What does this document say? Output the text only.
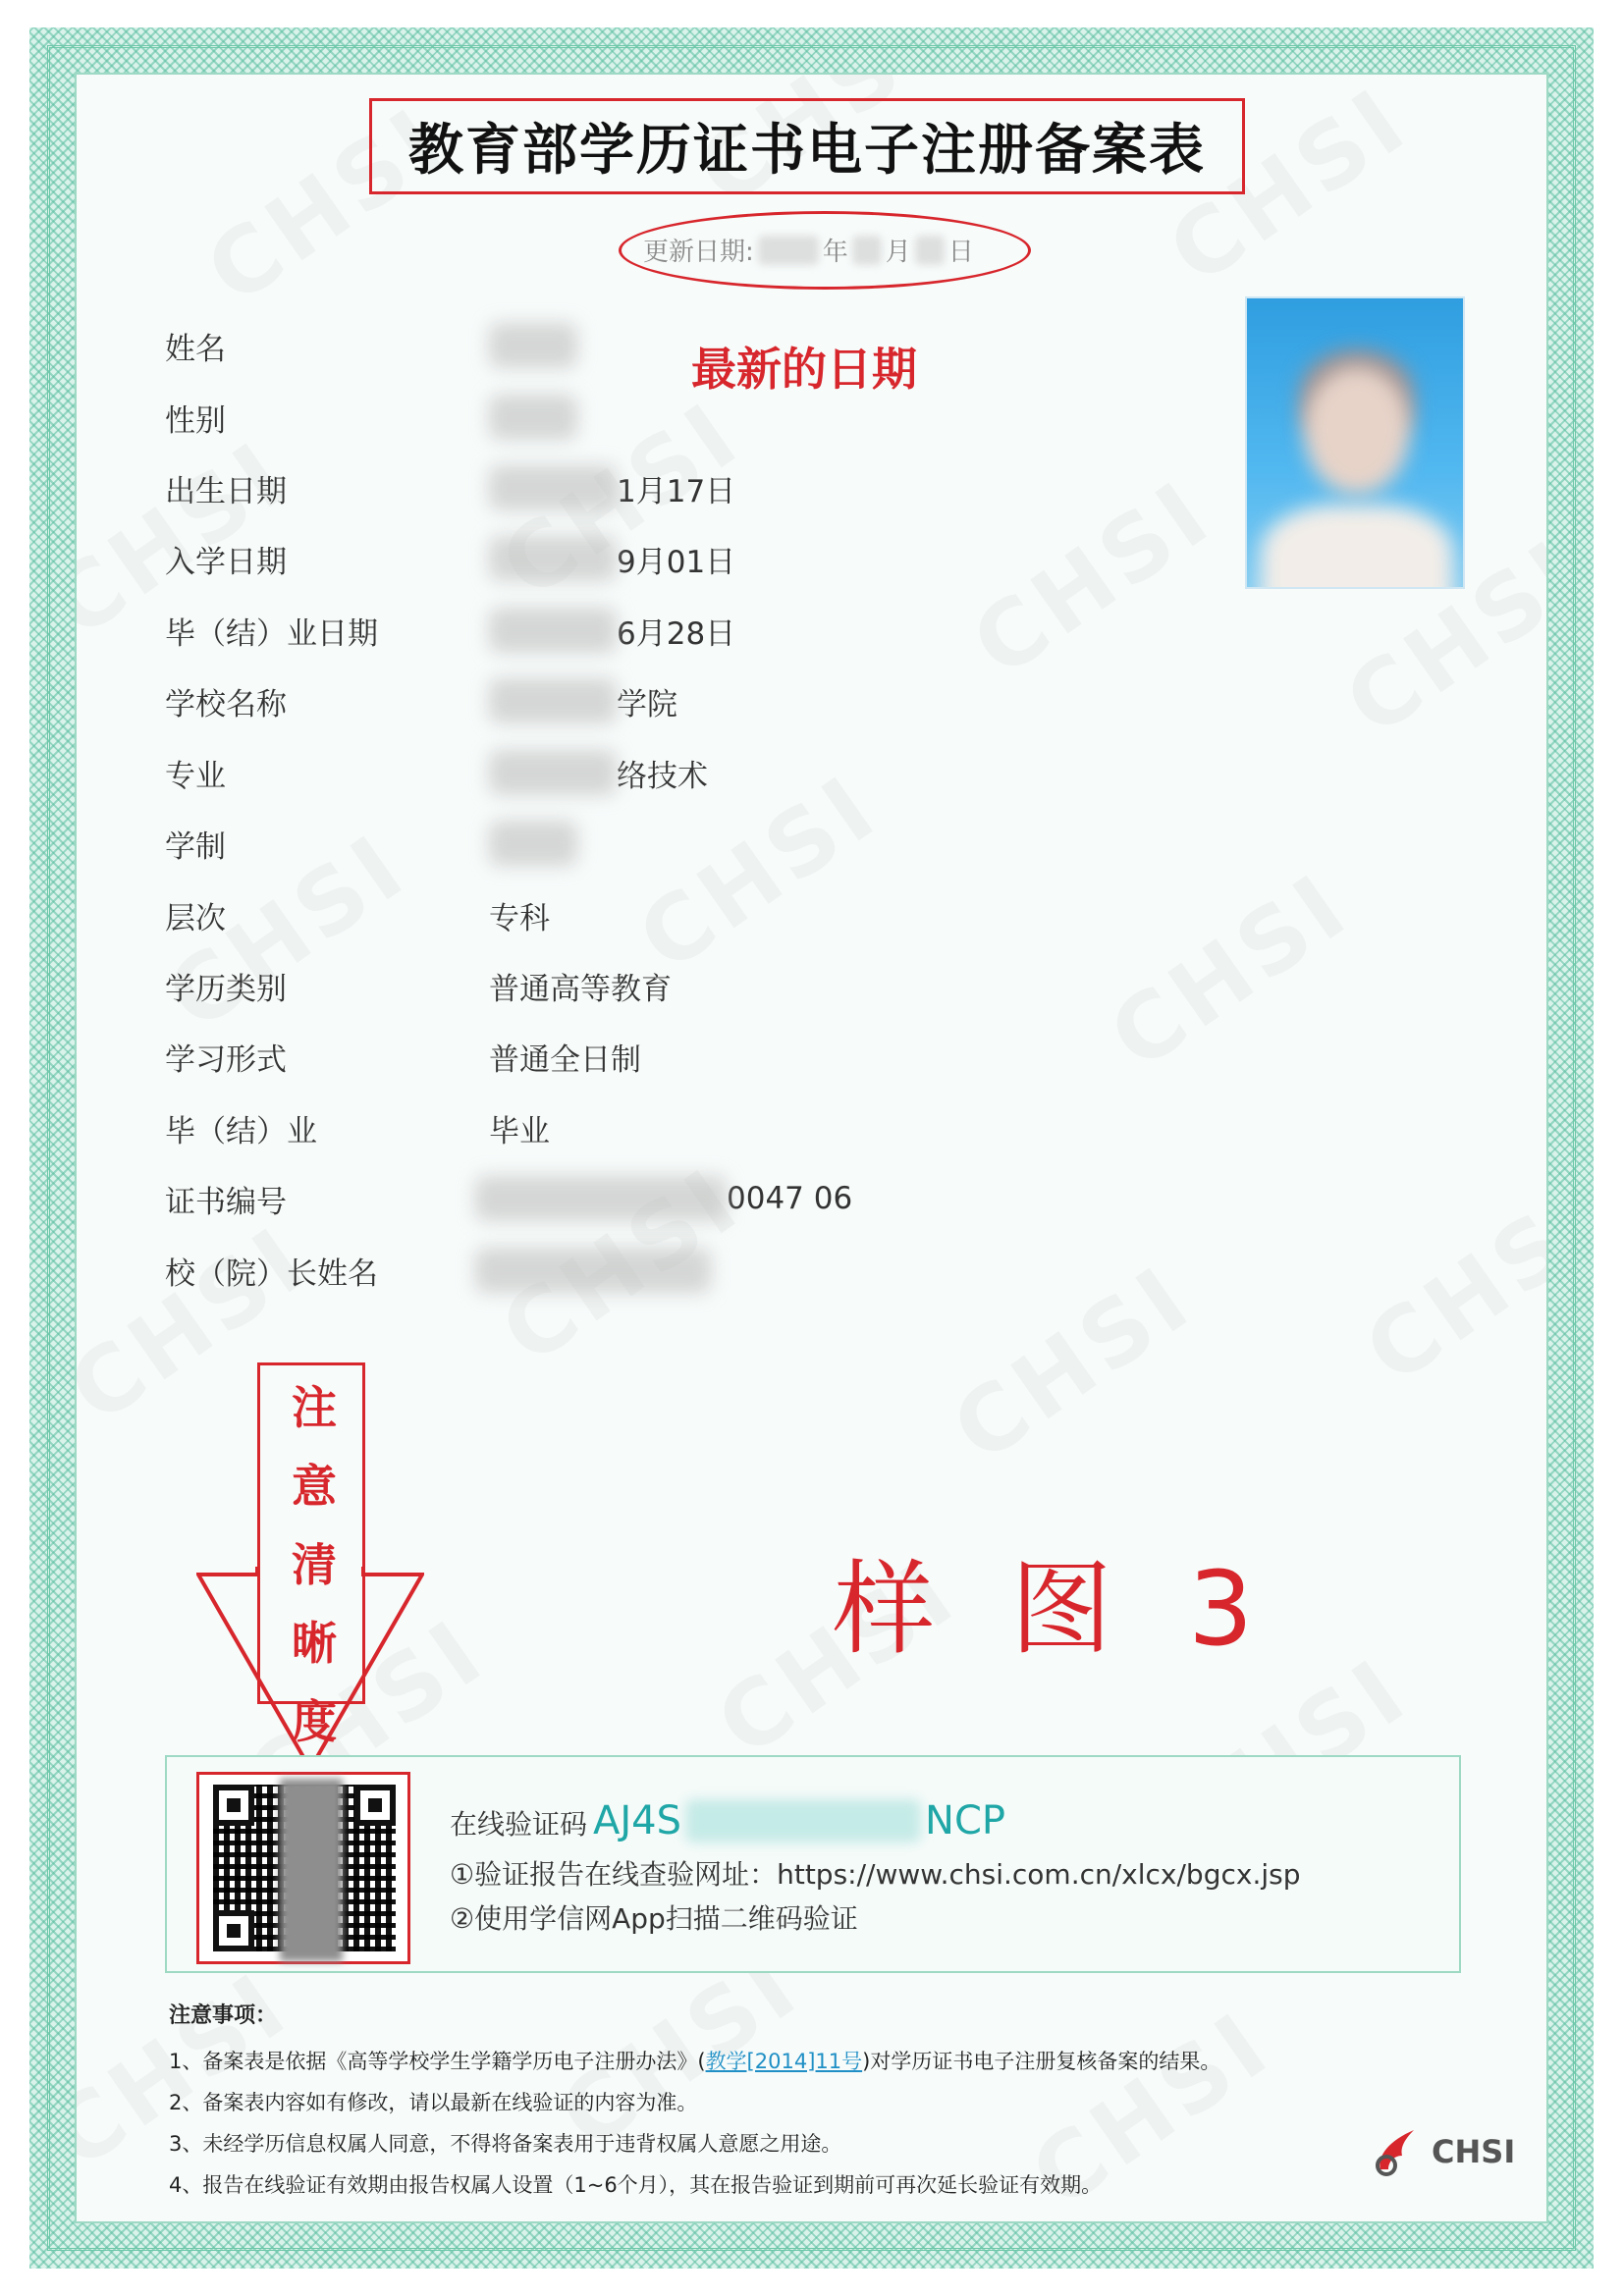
教育部学历证书电子注册备案表
更新日期:	年 月 日
最新的日期
姓名
性别
出生日期	1月17日
入学日期	9月01日
毕（结）业日期	6月28日
学校名称	学院
专业	络技术
学制
层次	专科
学历类别	普通高等教育
学习形式	普通全日制
毕（结）业	毕业
证书编号	0047 06
校（院）长姓名
注
意
清
晰
度
样 图 3
在线验证码 AJ4S	NCP
①验证报告在线查验网址：https://www.chsi.com.cn/xlcx/bgcx.jsp
②使用学信网App扫描二维码验证
注意事项：
1、备案表是依据《高等学校学生学籍学历电子注册办法》(教学[2014]11号)对学历证书电子注册复核备案的结果。
2、备案表内容如有修改，请以最新在线验证的内容为准。
3、未经学历信息权属人同意，不得将备案表用于违背权属人意愿之用途。
4、报告在线验证有效期由报告权属人设置（1~6个月），其在报告验证到期前可再次延长验证有效期。
CHSI
